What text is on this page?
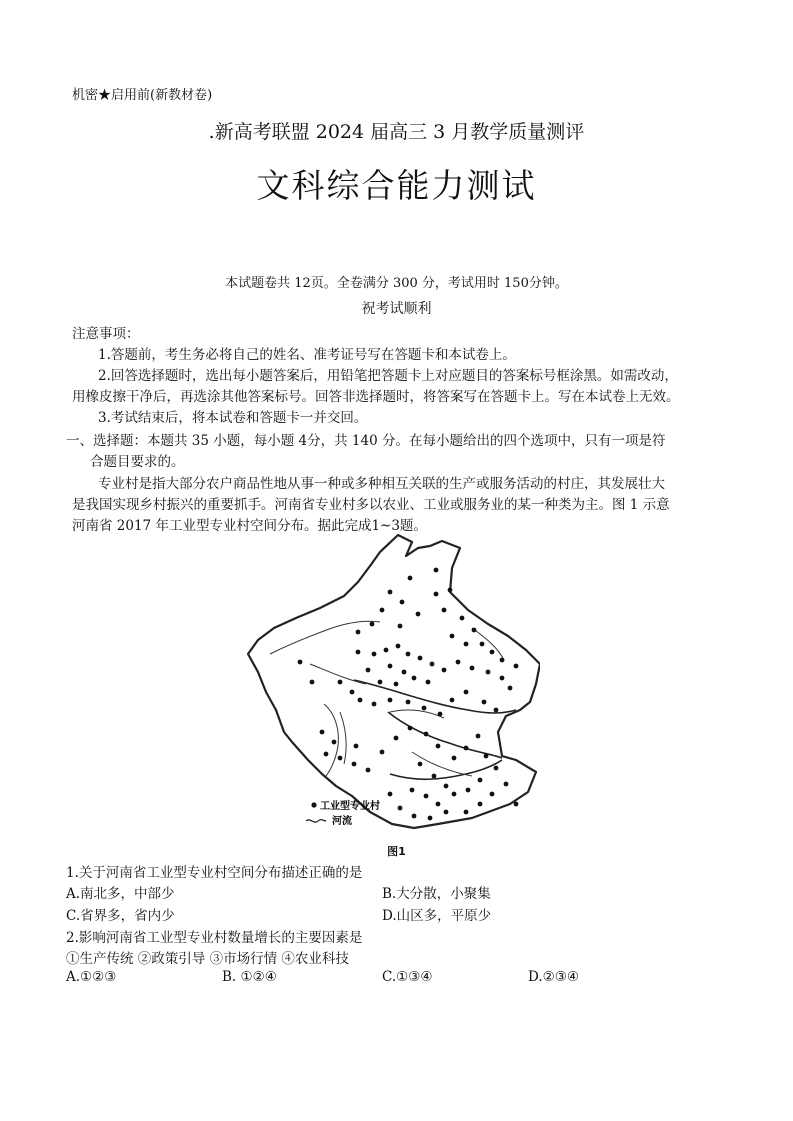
机密★启用前(新教材卷)
.新高考联盟 2024 届高三 3 月教学质量测评
文科综合能力测试
本试题卷共 12页。全卷满分 300 分，考试用时 150分钟。
祝考试顺利
注意事项：
1.答题前，考生务必将自己的姓名、准考证号写在答题卡和本试卷上。
2.回答选择题时，选出每小题答案后，用铅笔把答题卡上对应题目的答案标号框涂黑。如需改动，
用橡皮擦干净后，再选涂其他答案标号。回答非选择题时，将答案写在答题卡上。写在本试卷上无效。
3.考试结束后，将本试卷和答题卡一并交回。
一、选择题：本题共 35 小题，每小题 4分，共 140 分。在每小题给出的四个选项中，只有一项是符
合题目要求的。
专业村是指大部分农户商品性地从事一种或多种相互关联的生产或服务活动的村庄，其发展壮大
是我国实现乡村振兴的重要抓手。河南省专业村多以农业、工业或服务业的某一种类为主。图 1 示意
河南省 2017 年工业型专业村空间分布。据此完成1~3题。
工业型专业村
河流
图1
1.关于河南省工业型专业村空间分布描述正确的是
A.南北多，中部少	B.大分散，小聚集
C.省界多，省内少	D.山区多，平原少
2.影响河南省工业型专业村数量增长的主要因素是
①生产传统 ②政策引导 ③市场行情 ④农业科技
A.①②③	B. ①②④	C.①③④	D.②③④
